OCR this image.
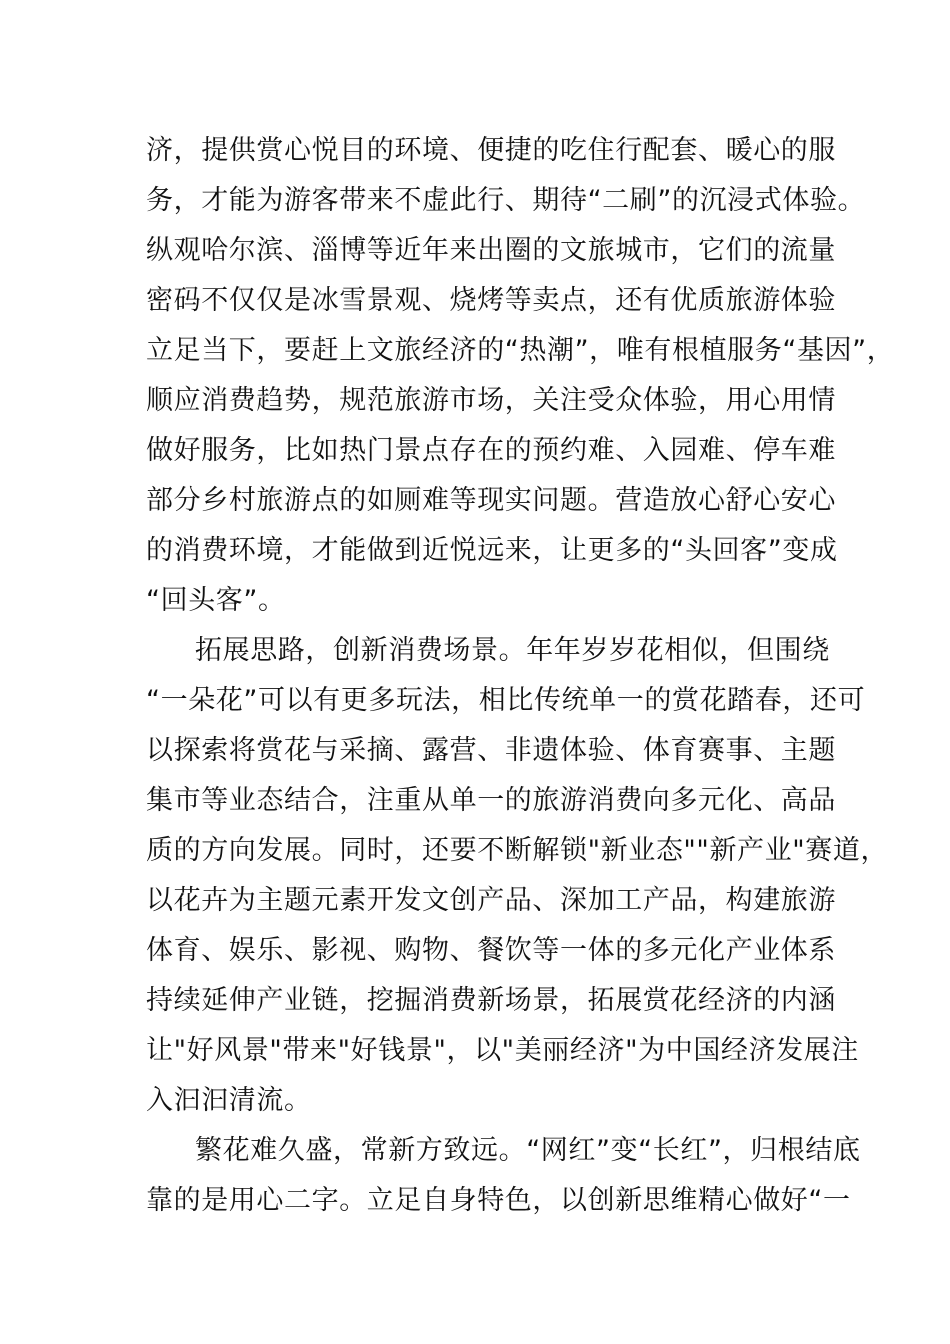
济，提供赏心悦目的环境、便捷的吃住行配套、暖心的服
务，才能为游客带来不虚此行、期待“二刷”的沉浸式体验。
纵观哈尔滨、淄博等近年来出圈的文旅城市，它们的流量
密码不仅仅是冰雪景观、烧烤等卖点，还有优质旅游体验
立足当下，要赶上文旅经济的“热潮”，唯有根植服务“基因”，
顺应消费趋势，规范旅游市场，关注受众体验，用心用情
做好服务，比如热门景点存在的预约难、入园难、停车难
部分乡村旅游点的如厕难等现实问题。营造放心舒心安心
的消费环境，才能做到近悦远来，让更多的“头回客”变成
“回头客”。
拓展思路，创新消费场景。年年岁岁花相似，但围绕
“一朵花”可以有更多玩法，相比传统单一的赏花踏春，还可
以探索将赏花与采摘、露营、非遗体验、体育赛事、主题
集市等业态结合，注重从单一的旅游消费向多元化、高品
质的方向发展。同时，还要不断解锁"新业态""新产业"赛道，
以花卉为主题元素开发文创产品、深加工产品，构建旅游
体育、娱乐、影视、购物、餐饮等一体的多元化产业体系
持续延伸产业链，挖掘消费新场景，拓展赏花经济的内涵
让"好风景"带来"好钱景"，以"美丽经济"为中国经济发展注
入汩汩清流。
繁花难久盛，常新方致远。“网红”变“长红”，归根结底
靠的是用心二字。立足自身特色，以创新思维精心做好“一
